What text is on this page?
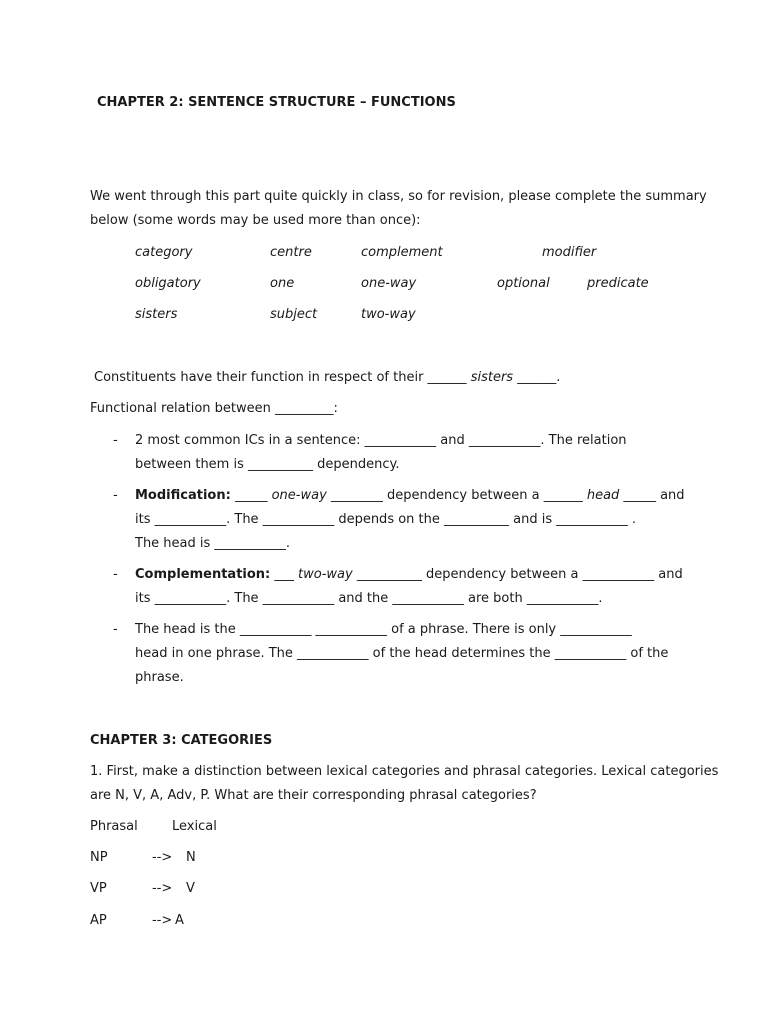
CHAPTER 2: SENTENCE STRUCTURE – FUNCTIONS
We went through this part quite quickly in class, so for revision, please complete the summary
below (some words may be used more than once):
category	centre	complement	modifier
obligatory	one	one-way	optional	predicate
sisters	subject	two-way
Constituents have their function in respect of their ______ sisters ______.
Functional relation between _________:
- 2 most common ICs in a sentence: ___________ and ___________. The relation
between them is __________ dependency.
- Modification: _____ one-way ________ dependency between a ______ head _____ and
its ___________. The ___________ depends on the __________ and is ___________ .
The head is ___________.
- Complementation: ___ two-way __________ dependency between a ___________ and
its ___________. The ___________ and the ___________ are both ___________.
- The head is the ___________ ___________ of a phrase. There is only ___________
head in one phrase. The ___________ of the head determines the ___________ of the
phrase.
CHAPTER 3: CATEGORIES
1. First, make a distinction between lexical categories and phrasal categories. Lexical categories
are N, V, A, Adv, P. What are their corresponding phrasal categories?
Phrasal	Lexical
NP	--> N
VP	--> V
AP	--> A
